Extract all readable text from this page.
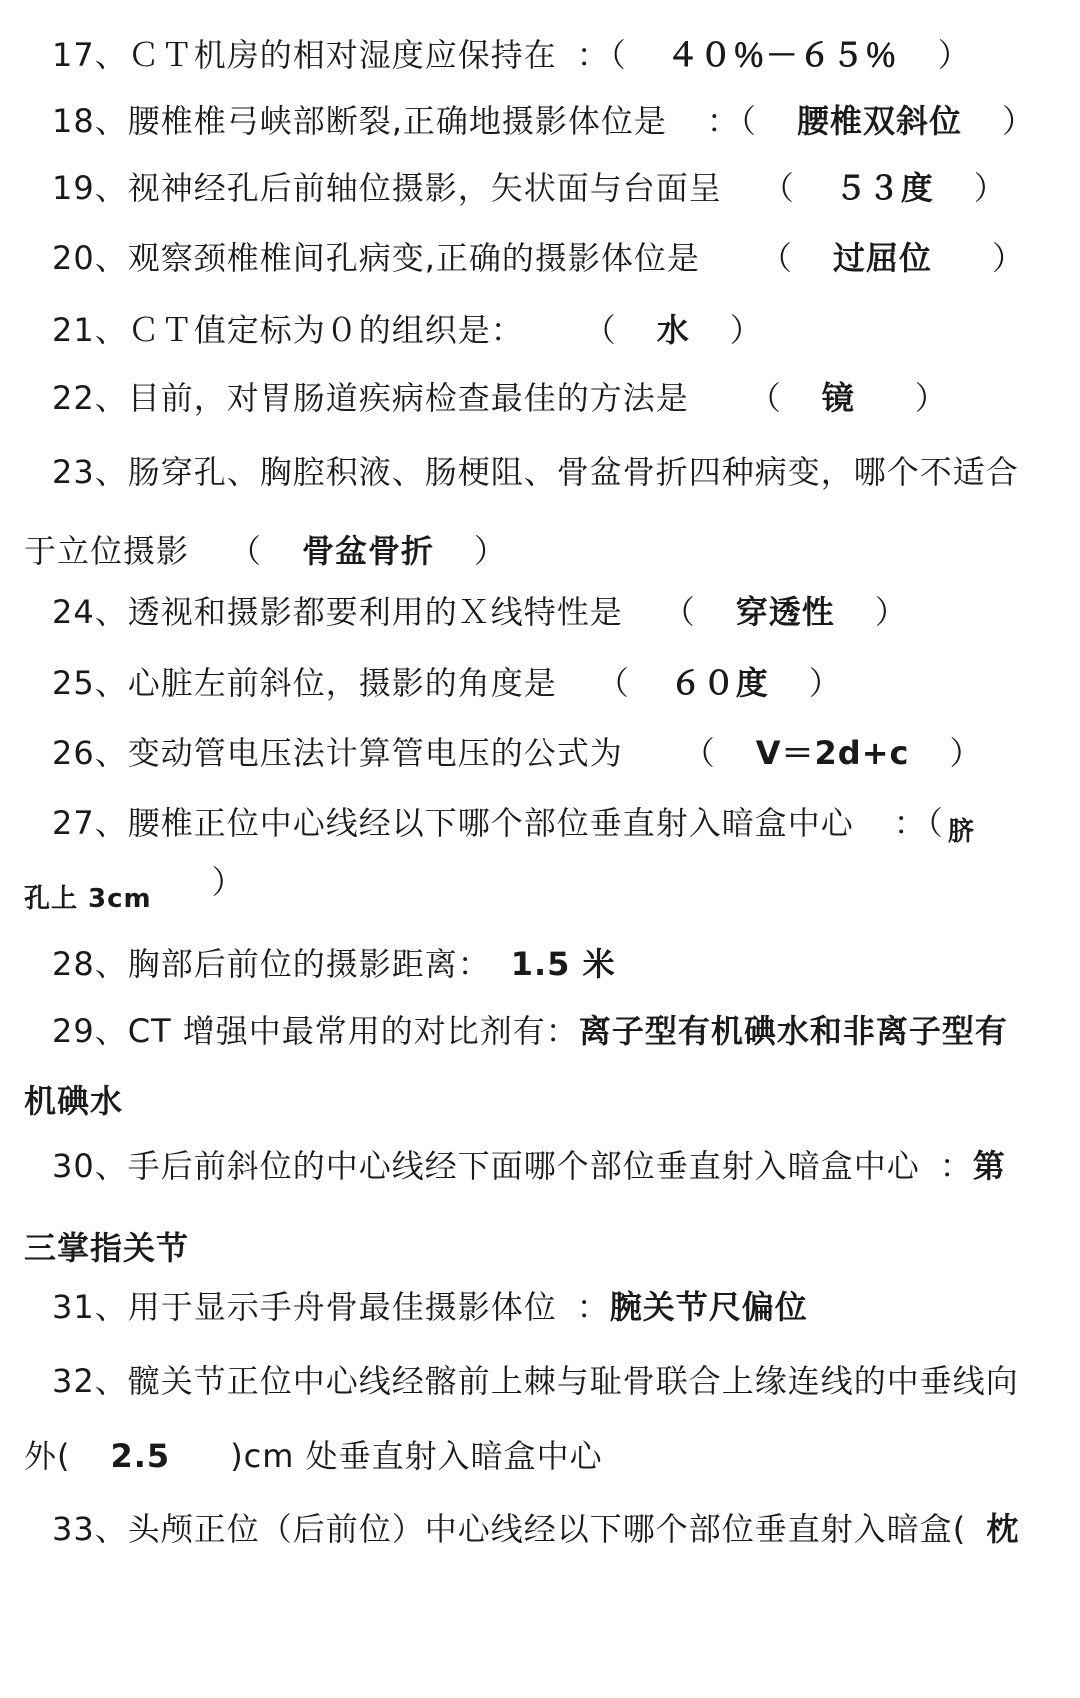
17、ＣＴ机房的相对湿度应保持在 ：（ ４０％－６５％ ）
18、腰椎椎弓峡部断裂,正确地摄影体位是 ：（ 腰椎双斜位 ）
19、视神经孔后前轴位摄影，矢状面与台面呈 （ ５３度 ）
20、观察颈椎椎间孔病变,正确的摄影体位是 （ 过屈位 ）
21、ＣＴ值定标为０的组织是： （ 水 ）
22、目前，对胃肠道疾病检查最佳的方法是 （ 镜 ）
23、肠穿孔、胸腔积液、肠梗阻、骨盆骨折四种病变，哪个不适合
于立位摄影 （ 骨盆骨折 ）
24、透视和摄影都要利用的Ｘ线特性是 （ 穿透性 ）
25、心脏左前斜位，摄影的角度是 （ ６０度 ）
26、变动管电压法计算管电压的公式为 （ V＝2d+c ）
27、腰椎正位中心线经以下哪个部位垂直射入暗盒中心 ：（ 脐
孔上 3cm ）
28、胸部后前位的摄影距离： 1.5 米
29、CT 增强中最常用的对比剂有：离子型有机碘水和非离子型有
机碘水
30、手后前斜位的中心线经下面哪个部位垂直射入暗盒中心 ：第
三掌指关节
31、用于显示手舟骨最佳摄影体位 ：腕关节尺偏位
32、髋关节正位中心线经髂前上棘与耻骨联合上缘连线的中垂线向
外( 2.5 )cm 处垂直射入暗盒中心
33、头颅正位（后前位）中心线经以下哪个部位垂直射入暗盒( 枕
